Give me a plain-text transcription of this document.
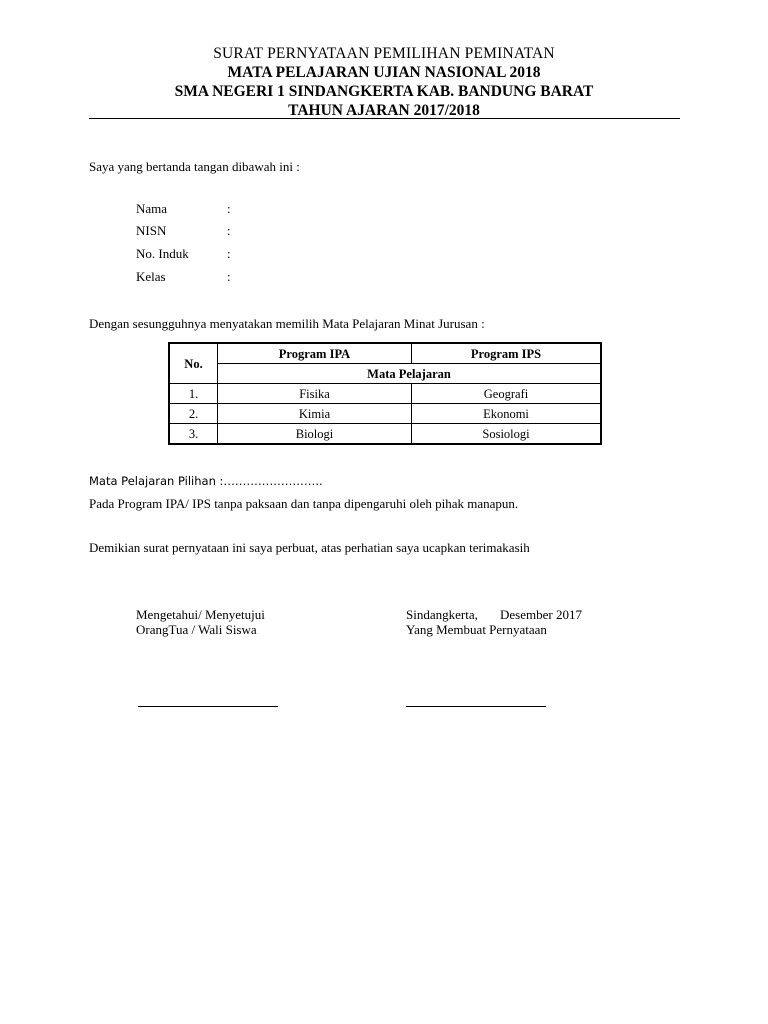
SURAT PERNYATAAN PEMILIHAN PEMINATAN
MATA PELAJARAN UJIAN NASIONAL 2018
SMA NEGERI 1 SINDANGKERTA KAB. BANDUNG BARAT
TAHUN AJARAN 2017/2018
Saya yang bertanda tangan dibawah ini :
Nama	:
NISN	:
No. Induk	:
Kelas	:
Dengan sesungguhnya menyatakan memilih Mata Pelajaran Minat Jurusan :
No.	Program IPA	Program IPS
	Mata Pelajaran	
1.	Fisika	Geografi
2.	Kimia	Ekonomi
3.	Biologi	Sosiologi
Mata Pelajaran Pilihan :……………………..
Pada Program IPA/ IPS tanpa paksaan dan tanpa dipengaruhi oleh pihak manapun.
Demikian surat pernyataan ini saya perbuat, atas perhatian saya ucapkan terimakasih
Mengetahui/ Menyetujui
OrangTua / Wali Siswa
Sindangkerta, Desember 2017
Yang Membuat Pernyataan
